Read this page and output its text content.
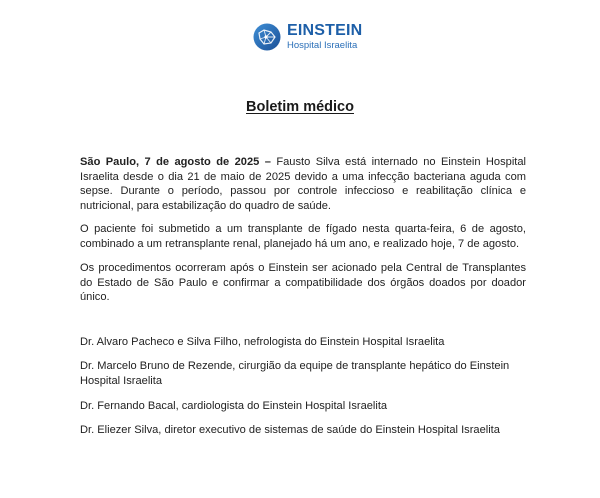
EINSTEIN
Hospital Israelita
Boletim médico

São Paulo, 7 de agosto de 2025 – Fausto Silva está internado no Einstein Hospital Israelita desde o dia 21 de maio de 2025 devido a uma infecção bacteriana aguda com sepse. Durante o período, passou por controle infeccioso e reabilitação clínica e nutricional, para estabilização do quadro de saúde.

O paciente foi submetido a um transplante de fígado nesta quarta-feira, 6 de agosto, combinado a um retransplante renal, planejado há um ano, e realizado hoje, 7 de agosto.

Os procedimentos ocorreram após o Einstein ser acionado pela Central de Transplantes do Estado de São Paulo e confirmar a compatibilidade dos órgãos doados por doador único.

Dr. Alvaro Pacheco e Silva Filho, nefrologista do Einstein Hospital Israelita
Dr. Marcelo Bruno de Rezende, cirurgião da equipe de transplante hepático do Einstein Hospital Israelita
Dr. Fernando Bacal, cardiologista do Einstein Hospital Israelita
Dr. Eliezer Silva, diretor executivo de sistemas de saúde do Einstein Hospital Israelita
